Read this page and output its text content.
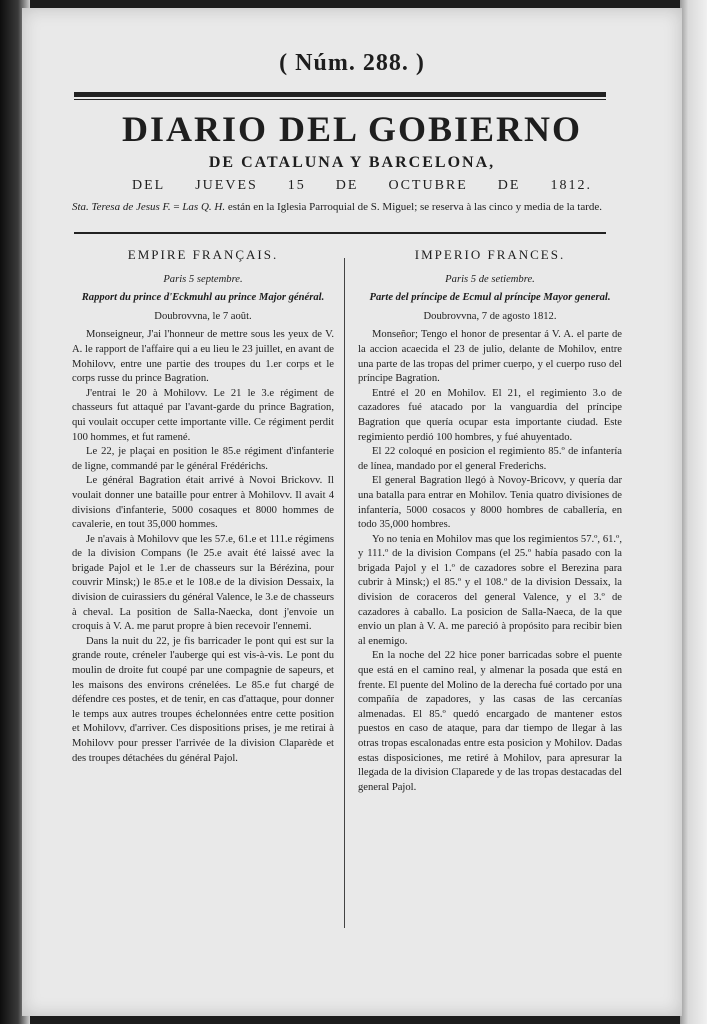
( Núm. 288. )
DIARIO DEL GOBIERNO
DE CATALUNA Y BARCELONA,
DEL JUEVES 15 DE OCTUBRE DE 1812.
Sta. Teresa de Jesus F. = Las Q. H. están en la Iglesia Parroquial de S. Miguel; se reserva à las cinco y media de la tarde.
EMPIRE FRANÇAIS.
Paris 5 septembre.
Rapport du prince d'Eckmuhl au prince Major général.
Doubrovvna, le 7 août.

Monseigneur, J'ai l'honneur de mettre sous les yeux de V. A. le rapport de l'affaire qui a eu lieu le 23 juillet, en avant de Mohilovv, entre une partie des troupes du 1.er corps et le corps russe du prince Bagration.

J'entrai le 20 à Mohilovv. Le 21 le 3.e régiment de chasseurs fut attaqué par l'avant-garde du prince Bagration, qui voulait occuper cette importante ville. Ce régiment perdit 100 hommes, et fut ramené.

Le 22, je plaçai en position le 85.e régiment d'infanterie de ligne, commandé par le général Frédérichs.

Le général Bagration était arrivé à Novoi Brickovv. Il voulait donner une bataille pour entrer à Mohilovv. Il avait 4 divisions d'infanterie, 5000 cosaques et 8000 hommes de cavalerie, en tout 35,000 hommes.

Je n'avais à Mohilovv que les 57.e, 61.e et 111.e régimens de la division Compans (le 25.e avait été laissé avec la brigade Pajol et le 1.er de chasseurs sur la Bérézina, pour couvrir Minsk;) le 85.e et le 108.e de la division Dessaix, la division de cuirassiers du général Valence, le 3.e de chasseurs à cheval. La position de Salla-Naecka, dont j'envoie un croquis à V. A. me parut propre à bien recevoir l'ennemi.

Dans la nuit du 22, je fis barricader le pont qui est sur la grande route, créneler l'auberge qui est vis-à-vis. Le pont du moulin de droite fut coupé par une compagnie de sapeurs, et les maisons des environs crénelées. Le 85.e fut chargé de défendre ces postes, et de tenir, en cas d'attaque, pour donner le temps aux autres troupes échelonnées entre cette position et Mohilovv, d'arriver. Ces dispositions prises, je me retirai à Mohilovv pour presser l'arrivée de la division Claparède et des troupes détachées du général Pajol.

IMPERIO FRANCES.
Paris 5 de setiembre.
Parte del príncipe de Ecmul al príncipe Mayor general.
Doubrovvna, 7 de agosto 1812.

Monseñor; Tengo el honor de presentar á V. A. el parte de la accion acaecida el 23 de julio, delante de Mohilov, entre una parte de las tropas del primer cuerpo, y el cuerpo ruso del príncipe Bagration.

Entré el 20 en Mohilov. El 21, el regimiento 3.o de cazadores fué atacado por la vanguardia del príncipe Bagration que quería ocupar esta importante ciudad. Este regimiento perdió 100 hombres, y fué ahuyentado.

El 22 coloqué en posicion el regimiento 85.º de infantería de línea, mandado por el general Frederichs.

El general Bagration llegó à Novoy-Bricovv, y quería dar una batalla para entrar en Mohilov. Tenia quatro divisiones de infantería, 5000 cosacos y 8000 hombres de caballería, en todo 35,000 hombres.

Yo no tenia en Mohilov mas que los regimientos 57.º, 61.º, y 111.º de la division Compans (el 25.º había pasado con la brigada Pajol y el 1.º de cazadores sobre el Berezina para cubrir à Minsk;) el 85.º y el 108.º de la division Dessaix, la division de coraceros del general Valence, y el 3.º de cazadores à caballo. La posicion de Salla-Naeca, de la que envio un plan à V. A. me pareció à propósito para recibir bien al enemigo.

En la noche del 22 hice poner barricadas sobre el puente que está en el camino real, y almenar la posada que está en frente. El puente del Molino de la derecha fué cortado por una compañía de zapadores, y las casas de las cercanías almenadas. El 85.º quedó encargado de mantener estos puestos en caso de ataque, para dar tiempo de llegar à las otras tropas escalonadas entre esta posicion y Mohilov. Dadas estas disposiciones, me retiré à Mohilov, para apresurar la llegada de la division Claparede y de las tropas destacadas del general Pajol.
